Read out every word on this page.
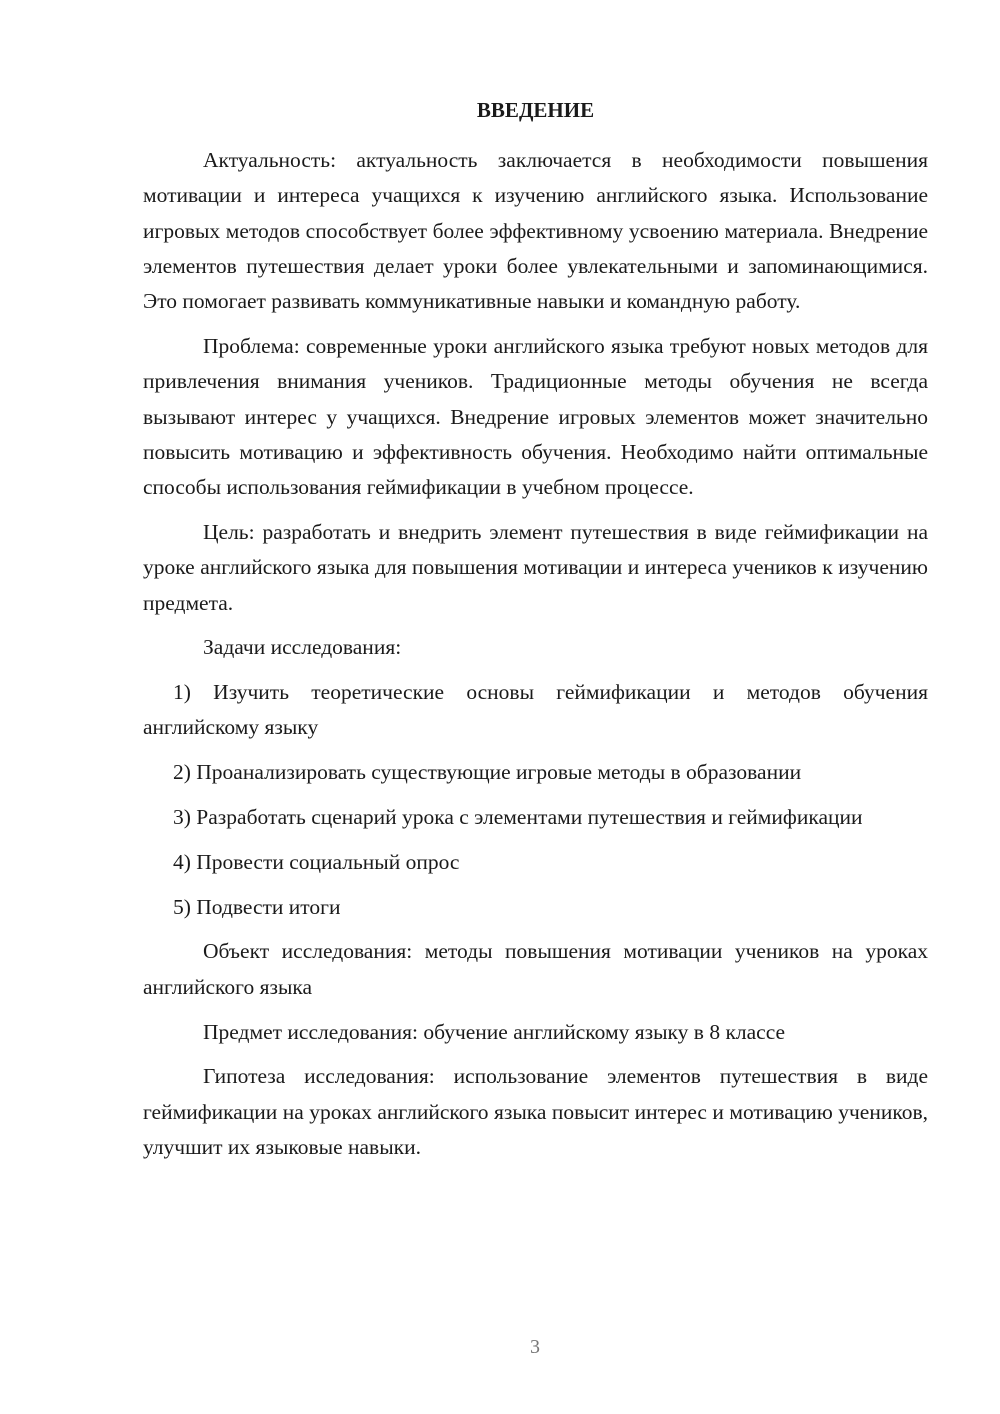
ВВЕДЕНИЕ

Актуальность: актуальность заключается в необходимости повышения мотивации и интереса учащихся к изучению английского языка. Использование игровых методов способствует более эффективному усвоению материала. Внедрение элементов путешествия делает уроки более увлекательными и запоминающимися. Это помогает развивать коммуникативные навыки и командную работу.

Проблема: современные уроки английского языка требуют новых методов для привлечения внимания учеников. Традиционные методы обучения не всегда вызывают интерес у учащихся. Внедрение игровых элементов может значительно повысить мотивацию и эффективность обучения. Необходимо найти оптимальные способы использования геймификации в учебном процессе.

Цель: разработать и внедрить элемент путешествия в виде геймификации на уроке английского языка для повышения мотивации и интереса учеников к изучению предмета.

Задачи исследования:

1) Изучить теоретические основы геймификации и методов обучения английскому языку

2) Проанализировать существующие игровые методы в образовании

3) Разработать сценарий урока с элементами путешествия и геймификации

4) Провести социальный опрос

5) Подвести итоги

Объект исследования: методы повышения мотивации учеников на уроках английского языка

Предмет исследования: обучение английскому языку в 8 классе

Гипотеза исследования: использование элементов путешествия в виде геймификации на уроках английского языка повысит интерес и мотивацию учеников, улучшит их языковые навыки.

3
